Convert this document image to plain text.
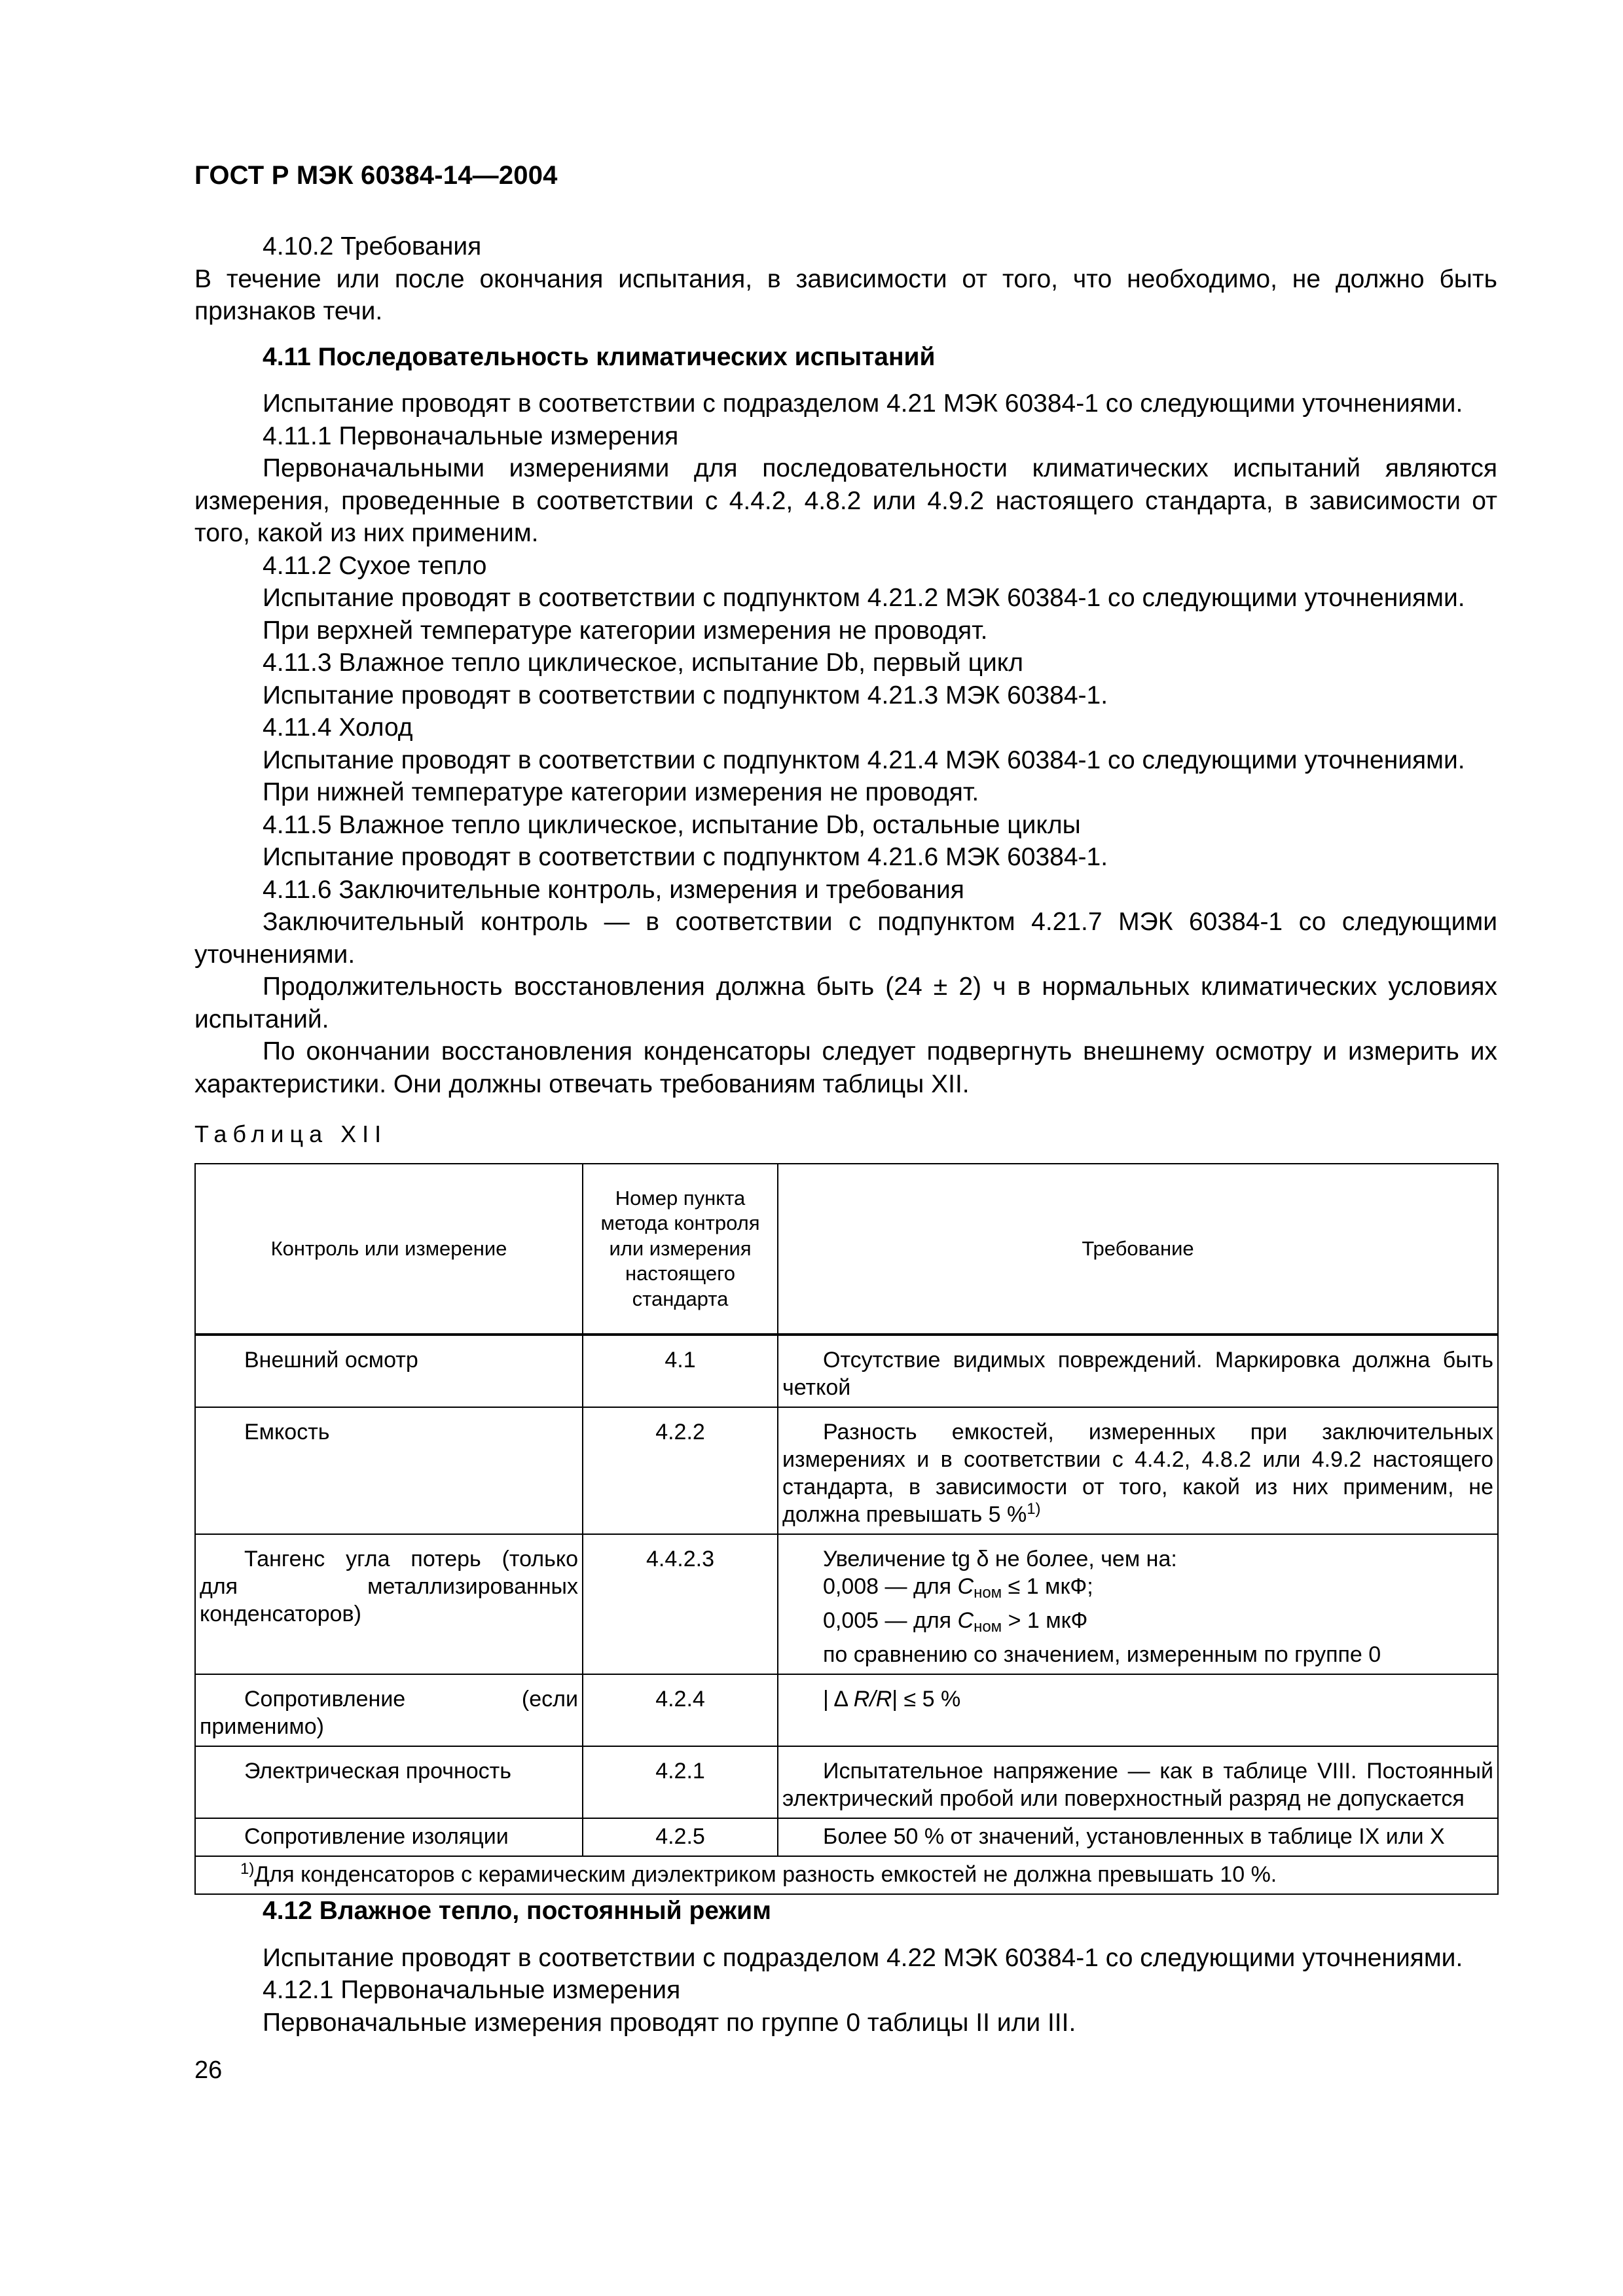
ГОСТ Р МЭК 60384-14—2004

4.10.2 Требования

В течение или после окончания испытания, в зависимости от того, что необходимо, не должно быть признаков течи.

4.11 Последовательность климатических испытаний

Испытание проводят в соответствии с подразделом 4.21 МЭК 60384-1 со следующими уточнениями.

4.11.1 Первоначальные измерения

Первоначальными измерениями для последовательности климатических испытаний являются измерения, проведенные в соответствии с 4.4.2, 4.8.2 или 4.9.2 настоящего стандарта, в зависимости от того, какой из них применим.

4.11.2 Сухое тепло

Испытание проводят в соответствии с подпунктом 4.21.2 МЭК 60384-1 со следующими уточнениями.

При верхней температуре категории измерения не проводят.

4.11.3 Влажное тепло циклическое, испытание Db, первый цикл

Испытание проводят в соответствии с подпунктом 4.21.3 МЭК 60384-1.

4.11.4 Холод

Испытание проводят в соответствии с подпунктом 4.21.4 МЭК 60384-1 со следующими уточнениями.

При нижней температуре категории измерения не проводят.

4.11.5 Влажное тепло циклическое, испытание Db, остальные циклы

Испытание проводят в соответствии с подпунктом 4.21.6 МЭК 60384-1.

4.11.6 Заключительные контроль, измерения и требования

Заключительный контроль — в соответствии с подпунктом 4.21.7 МЭК 60384-1 со следующими уточнениями.

Продолжительность восстановления должна быть (24 ± 2) ч в нормальных климатических условиях испытаний.

По окончании восстановления конденсаторы следует подвергнуть внешнему осмотру и измерить их характеристики. Они должны отвечать требованиям таблицы XII.

Таблица XII
Контроль или измерение	Номер пункта метода контроля или измерения настоящего стандарта	Требование
Внешний осмотр	4.1	Отсутствие видимых повреждений. Маркировка должна быть четкой

Емкость	4.2.2	Разность емкостей, измеренных при заключительных измерениях и в соответствии с 4.4.2, 4.8.2 или 4.9.2 настоящего стандарта, в зависимости от того, какой из них применим, не должна превышать 5 %$^{1)}$

Тангенс угла потерь (только для металлизированных конденсаторов)	4.4.2.3	Увеличение tg δ не более, чем на:
0,008 — для $C_{ном} \le 1$ мкФ;
0,005 — для $C_{ном} > 1$ мкФ
по сравнению со значением, измеренным по группе 0

Сопротивление (если применимо)	4.2.4	| Δ R/R| ≤ 5 %

Электрическая прочность	4.2.1	Испытательное напряжение — как в таблице VIII. Постоянный электрический пробой или поверхностный разряд не допускается

Сопротивление изоляции	4.2.5	Более 50 % от значений, установленных в таблице IX или X

$^{1)}$Для конденсаторов с керамическим диэлектриком разность емкостей не должна превышать 10 %.		

4.12 Влажное тепло, постоянный режим

Испытание проводят в соответствии с подразделом 4.22 МЭК 60384-1 со следующими уточнениями.

4.12.1 Первоначальные измерения

Первоначальные измерения проводят по группе 0 таблицы II или III.

26
